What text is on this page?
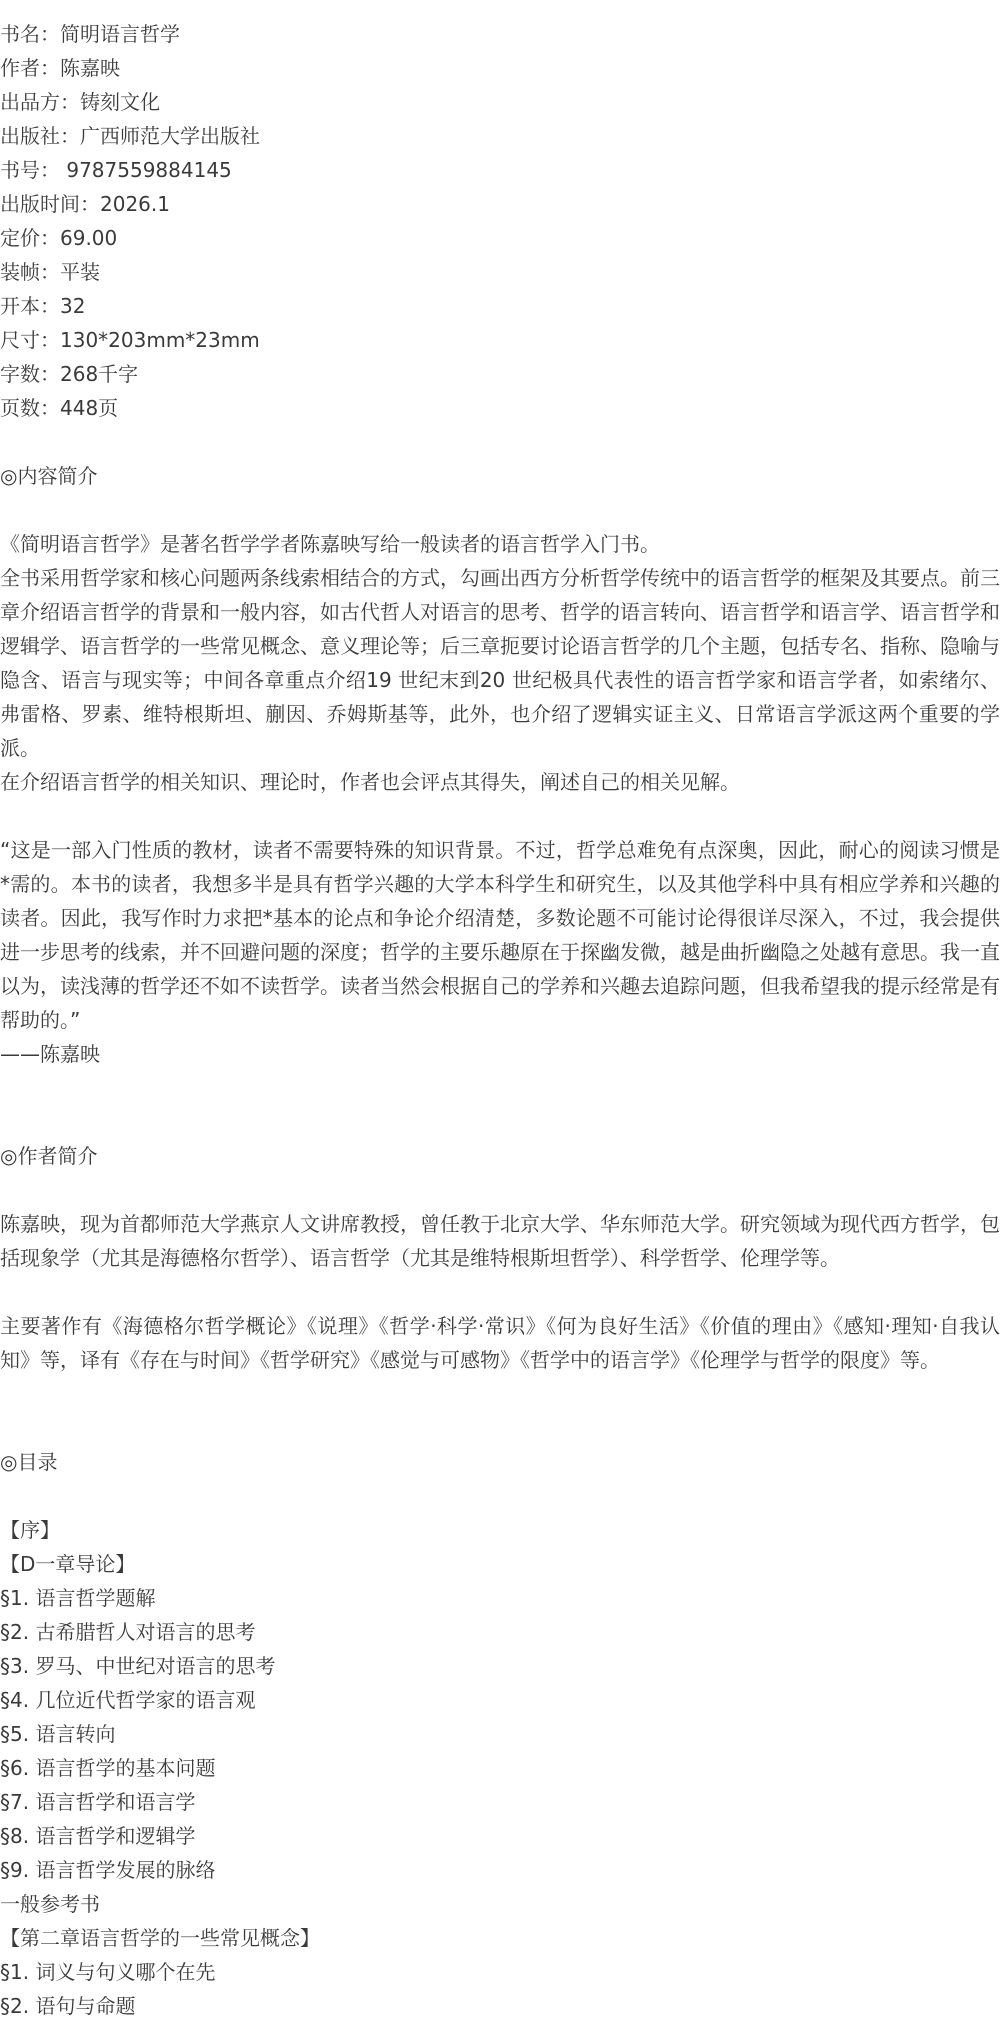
书名：简明语言哲学
作者：陈嘉映
出品方：铸刻文化
出版社：广西师范大学出版社
书号： 9787559884145
出版时间：2026.1
定价：69.00
装帧：平装
开本：32
尺寸：130*203mm*23mm
字数：268千字
页数：448页
◎内容简介
《简明语言哲学》是著名哲学学者陈嘉映写给一般读者的语言哲学入门书。
全书采用哲学家和核心问题两条线索相结合的方式，勾画出西方分析哲学传统中的语言哲学的框架及其要点。前三章介绍语言哲学的背景和一般内容，如古代哲人对语言的思考、哲学的语言转向、语言哲学和语言学、语言哲学和逻辑学、语言哲学的一些常见概念、意义理论等；后三章扼要讨论语言哲学的几个主题，包括专名、指称、隐喻与隐含、语言与现实等；中间各章重点介绍19 世纪末到20 世纪极具代表性的语言哲学家和语言学者，如索绪尔、弗雷格、罗素、维特根斯坦、蒯因、乔姆斯基等，此外，也介绍了逻辑实证主义、日常语言学派这两个重要的学派。
在介绍语言哲学的相关知识、理论时，作者也会评点其得失，阐述自己的相关见解。
“这是一部入门性质的教材，读者不需要特殊的知识背景。不过，哲学总难免有点深奥，因此，耐心的阅读习惯是*需的。本书的读者，我想多半是具有哲学兴趣的大学本科学生和研究生，以及其他学科中具有相应学养和兴趣的读者。因此，我写作时力求把*基本的论点和争论介绍清楚，多数论题不可能讨论得很详尽深入，不过，我会提供进一步思考的线索，并不回避问题的深度；哲学的主要乐趣原在于探幽发微，越是曲折幽隐之处越有意思。我一直以为，读浅薄的哲学还不如不读哲学。读者当然会根据自己的学养和兴趣去追踪问题，但我希望我的提示经常是有帮助的。”
——陈嘉映
◎作者简介
陈嘉映，现为首都师范大学燕京人文讲席教授，曾任教于北京大学、华东师范大学。研究领域为现代西方哲学，包括现象学（尤其是海德格尔哲学）、语言哲学（尤其是维特根斯坦哲学）、科学哲学、伦理学等。
主要著作有《海德格尔哲学概论》《说理》《哲学·科学·常识》《何为良好生活》《价值的理由》《感知·理知·自我认知》等，译有《存在与时间》《哲学研究》《感觉与可感物》《哲学中的语言学》《伦理学与哲学的限度》等。
◎目录
【序】
【D一章导论】
§1. 语言哲学题解
§2. 古希腊哲人对语言的思考
§3. 罗马、中世纪对语言的思考
§4. 几位近代哲学家的语言观
§5. 语言转向
§6. 语言哲学的基本问题
§7. 语言哲学和语言学
§8. 语言哲学和逻辑学
§9. 语言哲学发展的脉络
一般参考书
【第二章语言哲学的一些常见概念】
§1. 词义与句义哪个在先
§2. 语句与命题
